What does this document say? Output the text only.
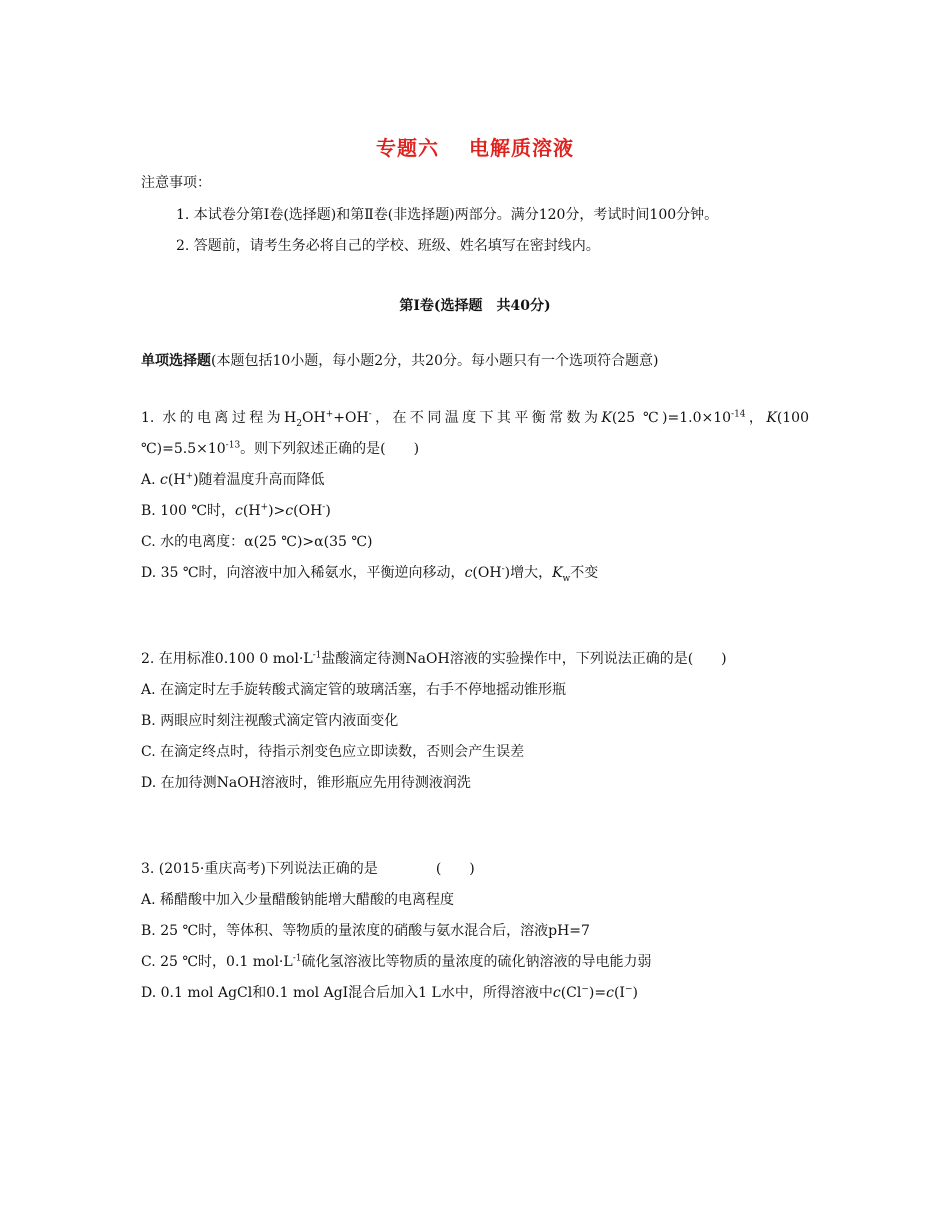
专题六 电解质溶液
注意事项：
1. 本试卷分第Ⅰ卷(选择题)和第Ⅱ卷(非选择题)两部分。满分120分，考试时间100分钟。
2. 答题前，请考生务必将自己的学校、班级、姓名填写在密封线内。
第Ⅰ卷(选择题 共40分)
单项选择题(本题包括10小题，每小题2分，共20分。每小题只有一个选项符合题意)
1. 水的电离过程为$H_2OH^++OH^-$，在不同温度下其平衡常数为K(25 $℃)=1.0\times 10^{-14}$，K(100
$℃)=5.5\times 10^{-13}$。则下列叙述正确的是(　　)
A. c(H+)随着温度升高而降低
B. 100 ℃时，c(H+)>c(OH-)
C. 水的电离度：α(25 ℃)>α(35 ℃)
D. 35 ℃时，向溶液中加入稀氨水，平衡逆向移动，c(OH-)增大，$K_w$不变
2. 在用标准0.100 0 $mol\cdot L^{-1}$盐酸滴定待测NaOH溶液的实验操作中，下列说法正确的是(　　)
A. 在滴定时左手旋转酸式滴定管的玻璃活塞，右手不停地摇动锥形瓶
B. 两眼应时刻注视酸式滴定管内液面变化
C. 在滴定终点时，待指示剂变色应立即读数，否则会产生误差
D. 在加待测NaOH溶液时，锥形瓶应先用待测液润洗
3. (2015·重庆高考)下列说法正确的是	(　　)
A. 稀醋酸中加入少量醋酸钠能增大醋酸的电离程度
B. 25 ℃时，等体积、等物质的量浓度的硝酸与氨水混合后，溶液pH=7
C. 25 ℃时，0.1 $mol\cdot L^{-1}$硫化氢溶液比等物质的量浓度的硫化钠溶液的导电能力弱
D. 0.1 mol AgCl和0.1 mol AgI混合后加入1 L水中，所得溶液中c(Cl−)=c(I−)
